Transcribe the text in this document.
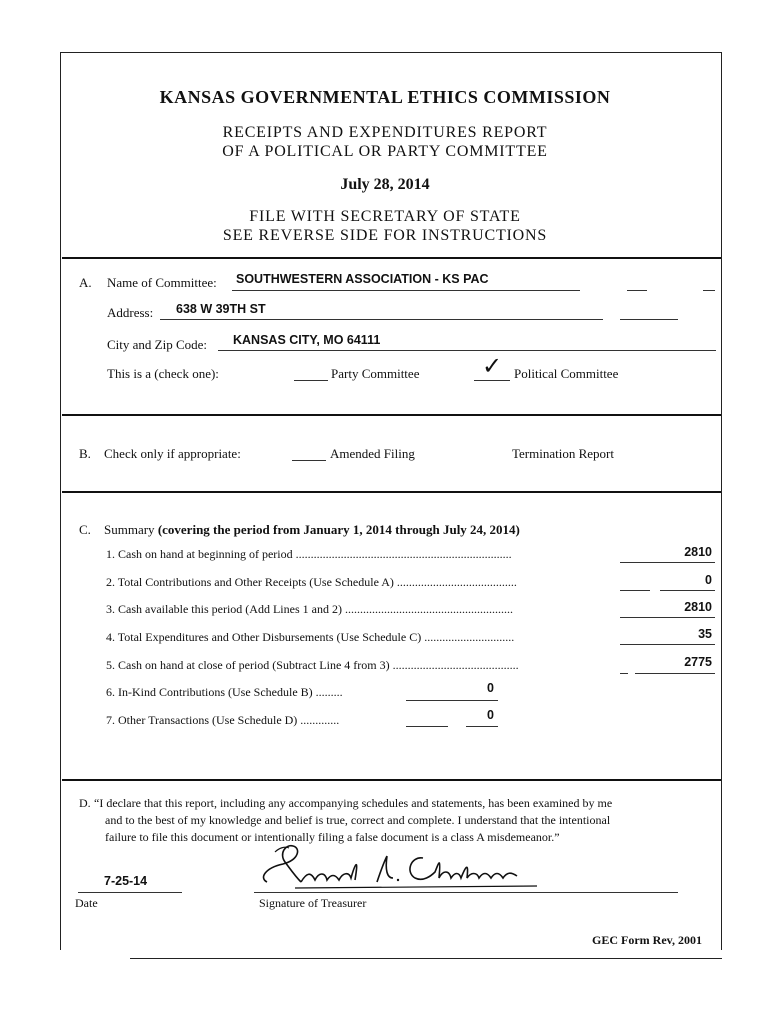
KANSAS GOVERNMENTAL ETHICS COMMISSION
RECEIPTS AND EXPENDITURES REPORT
OF A POLITICAL OR PARTY COMMITTEE
July 28, 2014
FILE WITH SECRETARY OF STATE
SEE REVERSE SIDE FOR INSTRUCTIONS
A. Name of Committee: SOUTHWESTERN ASSOCIATION - KS PAC
Address: 638 W 39TH ST
City and Zip Code: KANSAS CITY, MO 64111
This is a (check one):	Party Committee	✓ Political Committee
B. Check only if appropriate:	Amended Filing	Termination Report
C. Summary (covering the period from January 1, 2014 through July 24, 2014)
1. Cash on hand at beginning of period ........................................................................	2810
2. Total Contributions and Other Receipts (Use Schedule A) ........................................	0
3. Cash available this period (Add Lines 1 and 2) ........................................................	2810
4. Total Expenditures and Other Disbursements (Use Schedule C) ..............................	35
5. Cash on hand at close of period (Subtract Line 4 from 3) ..........................................	2775
6. In-Kind Contributions (Use Schedule B) .........	0
7. Other Transactions (Use Schedule D) .............	0
D. “I declare that this report, including any accompanying schedules and statements, has been examined by me
and to the best of my knowledge and belief is true, correct and complete. I understand that the intentional
failure to file this document or intentionally filing a false document is a class A misdemeanor.”
7-25-14
Date	Signature of Treasurer
GEC Form Rev, 2001
